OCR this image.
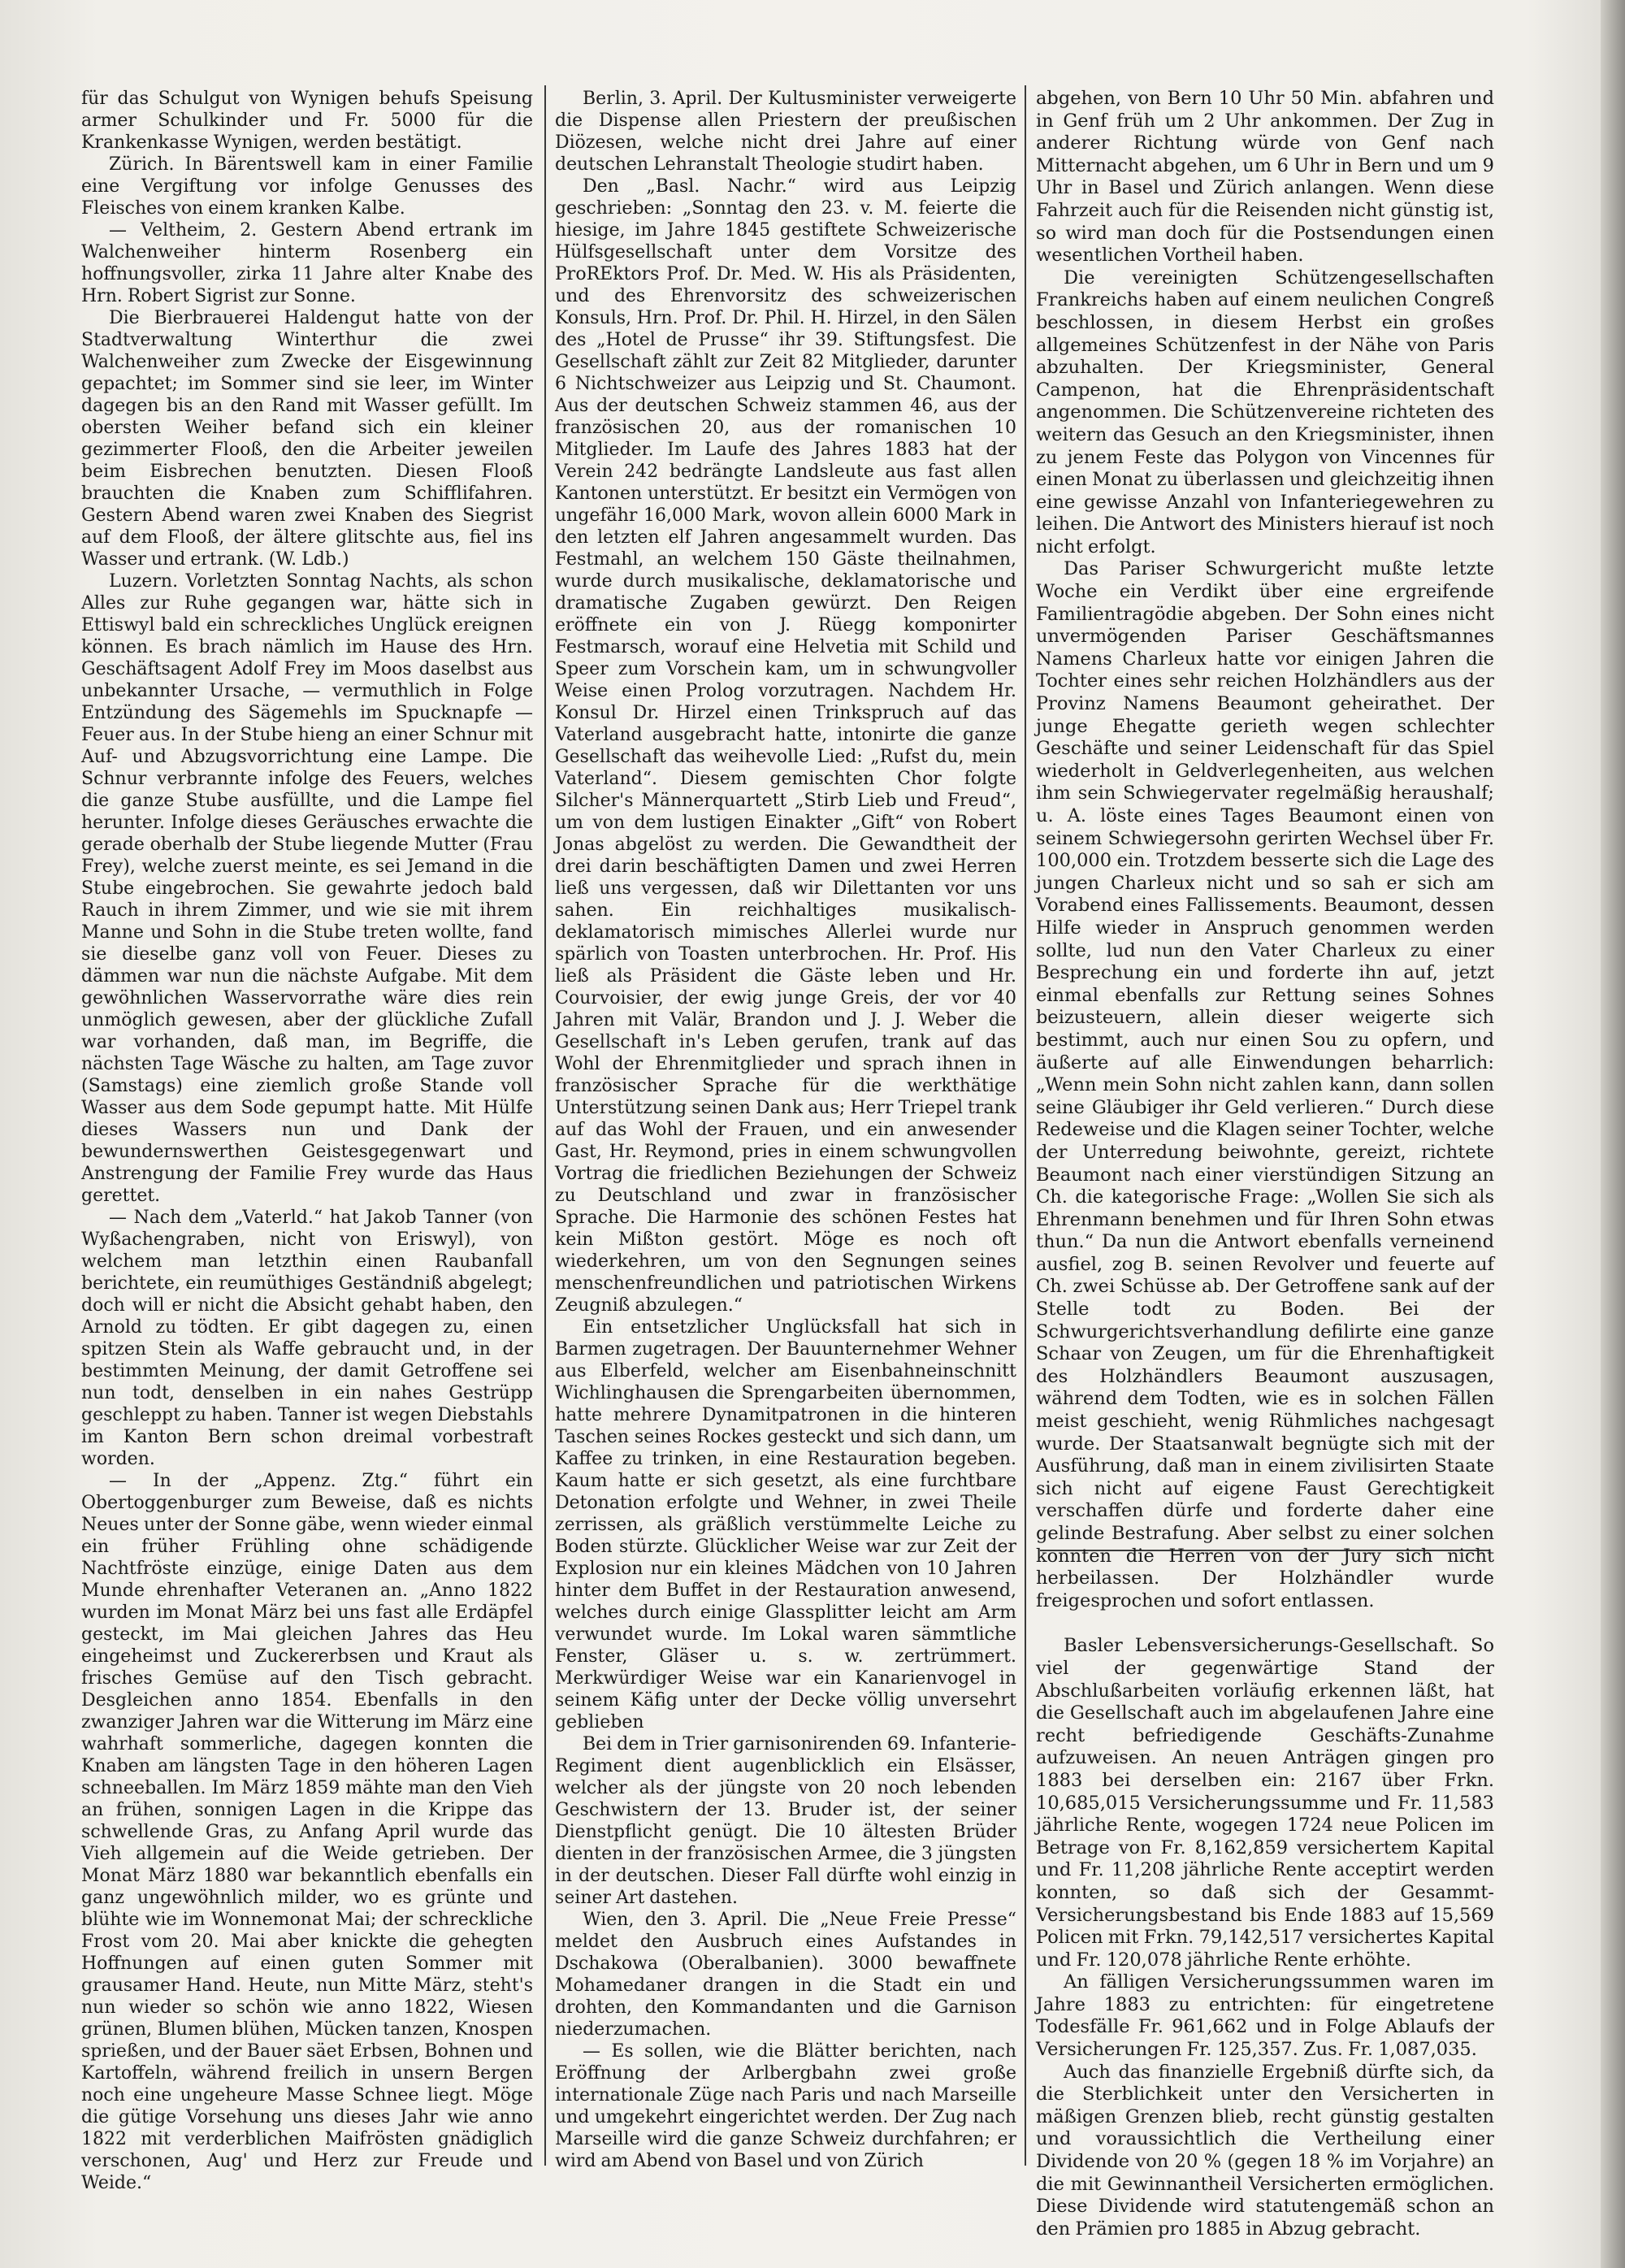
für das Schulgut von Wynigen behufs Speisung armer Schulkinder und Fr. 5000 für die Krankenkasse Wynigen, werden bestätigt.

Zürich. In Bärentswell kam in einer Familie eine Vergiftung vor infolge Genusses des Fleisches von einem kranken Kalbe.

— Veltheim, 2. Gestern Abend ertrank im Walchenweiher hinterm Rosenberg ein hoffnungsvoller, zirka 11 Jahre alter Knabe des Hrn. Robert Sigrist zur Sonne.

Die Bierbrauerei Haldengut hatte von der Stadtverwaltung Winterthur die zwei Walchenweiher zum Zwecke der Eisgewinnung gepachtet; im Sommer sind sie leer, im Winter dagegen bis an den Rand mit Wasser gefüllt. Im obersten Weiher befand sich ein kleiner gezimmerter Flooß, den die Arbeiter jeweilen beim Eisbrechen benutzten. Diesen Flooß brauchten die Knaben zum Schifflifahren. Gestern Abend waren zwei Knaben des Siegrist auf dem Flooß, der ältere glitschte aus, fiel ins Wasser und ertrank. (W. Ldb.)

Luzern. Vorletzten Sonntag Nachts, als schon Alles zur Ruhe gegangen war, hätte sich in Ettiswyl bald ein schreckliches Unglück ereignen können. Es brach nämlich im Hause des Hrn. Geschäftsagent Adolf Frey im Moos daselbst aus unbekannter Ursache, — vermuthlich in Folge Entzündung des Sägemehls im Spucknapfe — Feuer aus. In der Stube hieng an einer Schnur mit Auf- und Abzugsvorrichtung eine Lampe. Die Schnur verbrannte infolge des Feuers, welches die ganze Stube ausfüllte, und die Lampe fiel herunter. Infolge dieses Geräusches erwachte die gerade oberhalb der Stube liegende Mutter (Frau Frey), welche zuerst meinte, es sei Jemand in die Stube eingebrochen. Sie gewahrte jedoch bald Rauch in ihrem Zimmer, und wie sie mit ihrem Manne und Sohn in die Stube treten wollte, fand sie dieselbe ganz voll von Feuer. Dieses zu dämmen war nun die nächste Aufgabe. Mit dem gewöhnlichen Wasservorrathe wäre dies rein unmöglich gewesen, aber der glückliche Zufall war vorhanden, daß man, im Begriffe, die nächsten Tage Wäsche zu halten, am Tage zuvor (Samstags) eine ziemlich große Stande voll Wasser aus dem Sode gepumpt hatte. Mit Hülfe dieses Wassers nun und Dank der bewundernswerthen Geistesgegenwart und Anstrengung der Familie Frey wurde das Haus gerettet.

— Nach dem „Vaterld.“ hat Jakob Tanner (von Wyßachengraben, nicht von Eriswyl), von welchem man letzthin einen Raubanfall berichtete, ein reumüthiges Geständniß abgelegt; doch will er nicht die Absicht gehabt haben, den Arnold zu tödten. Er gibt dagegen zu, einen spitzen Stein als Waffe gebraucht und, in der bestimmten Meinung, der damit Getroffene sei nun todt, denselben in ein nahes Gestrüpp geschleppt zu haben. Tanner ist wegen Diebstahls im Kanton Bern schon dreimal vorbestraft worden.

— In der „Appenz. Ztg.“ führt ein Obertoggenburger zum Beweise, daß es nichts Neues unter der Sonne gäbe, wenn wieder einmal ein früher Frühling ohne schädigende Nachtfröste einzüge, einige Daten aus dem Munde ehrenhafter Veteranen an. „Anno 1822 wurden im Monat März bei uns fast alle Erdäpfel gesteckt, im Mai gleichen Jahres das Heu eingeheimst und Zuckererbsen und Kraut als frisches Gemüse auf den Tisch gebracht. Desgleichen anno 1854. Ebenfalls in den zwanziger Jahren war die Witterung im März eine wahrhaft sommerliche, dagegen konnten die Knaben am längsten Tage in den höheren Lagen schneeballen. Im März 1859 mähte man den Vieh an frühen, sonnigen Lagen in die Krippe das schwellende Gras, zu Anfang April wurde das Vieh allgemein auf die Weide getrieben. Der Monat März 1880 war bekanntlich ebenfalls ein ganz ungewöhnlich milder, wo es grünte und blühte wie im Wonnemonat Mai; der schreckliche Frost vom 20. Mai aber knickte die gehegten Hoffnungen auf einen guten Sommer mit grausamer Hand. Heute, nun Mitte März, steht's nun wieder so schön wie anno 1822, Wiesen grünen, Blumen blühen, Mücken tanzen, Knospen sprießen, und der Bauer säet Erbsen, Bohnen und Kartoffeln, während freilich in unsern Bergen noch eine ungeheure Masse Schnee liegt. Möge die gütige Vorsehung uns dieses Jahr wie anno 1822 mit verderblichen Maifrösten gnädiglich verschonen, Aug' und Herz zur Freude und Weide.“

Berlin, 3. April. Der Kultusminister verweigerte die Dispense allen Priestern der preußischen Diözesen, welche nicht drei Jahre auf einer deutschen Lehranstalt Theologie studirt haben.

Den „Basl. Nachr.“ wird aus Leipzig geschrieben: „Sonntag den 23. v. M. feierte die hiesige, im Jahre 1845 gestiftete Schweizerische Hülfsgesellschaft unter dem Vorsitze des ProREktors Prof. Dr. Med. W. His als Präsidenten, und des Ehrenvorsitz des schweizerischen Konsuls, Hrn. Prof. Dr. Phil. H. Hirzel, in den Sälen des „Hotel de Prusse“ ihr 39. Stiftungsfest. Die Gesellschaft zählt zur Zeit 82 Mitglieder, darunter 6 Nichtschweizer aus Leipzig und St. Chaumont. Aus der deutschen Schweiz stammen 46, aus der französischen 20, aus der romanischen 10 Mitglieder. Im Laufe des Jahres 1883 hat der Verein 242 bedrängte Landsleute aus fast allen Kantonen unterstützt. Er besitzt ein Vermögen von ungefähr 16,000 Mark, wovon allein 6000 Mark in den letzten elf Jahren angesammelt wurden. Das Festmahl, an welchem 150 Gäste theilnahmen, wurde durch musikalische, deklamatorische und dramatische Zugaben gewürzt. Den Reigen eröffnete ein von J. Rüegg komponirter Festmarsch, worauf eine Helvetia mit Schild und Speer zum Vorschein kam, um in schwungvoller Weise einen Prolog vorzutragen. Nachdem Hr. Konsul Dr. Hirzel einen Trinkspruch auf das Vaterland ausgebracht hatte, intonirte die ganze Gesellschaft das weihevolle Lied: „Rufst du, mein Vaterland“. Diesem gemischten Chor folgte Silcher's Männerquartett „Stirb Lieb und Freud“, um von dem lustigen Einakter „Gift“ von Robert Jonas abgelöst zu werden. Die Gewandtheit der drei darin beschäftigten Damen und zwei Herren ließ uns vergessen, daß wir Dilettanten vor uns sahen. Ein reichhaltiges musikalisch-deklamatorisch mimisches Allerlei wurde nur spärlich von Toasten unterbrochen. Hr. Prof. His ließ als Präsident die Gäste leben und Hr. Courvoisier, der ewig junge Greis, der vor 40 Jahren mit Valär, Brandon und J. J. Weber die Gesellschaft in's Leben gerufen, trank auf das Wohl der Ehrenmitglieder und sprach ihnen in französischer Sprache für die werkthätige Unterstützung seinen Dank aus; Herr Triepel trank auf das Wohl der Frauen, und ein anwesender Gast, Hr. Reymond, pries in einem schwungvollen Vortrag die friedlichen Beziehungen der Schweiz zu Deutschland und zwar in französischer Sprache. Die Harmonie des schönen Festes hat kein Mißton gestört. Möge es noch oft wiederkehren, um von den Segnungen seines menschenfreundlichen und patriotischen Wirkens Zeugniß abzulegen.“

Ein entsetzlicher Unglücksfall hat sich in Barmen zugetragen. Der Bauunternehmer Wehner aus Elberfeld, welcher am Eisenbahneinschnitt Wichlinghausen die Sprengarbeiten übernommen, hatte mehrere Dynamitpatronen in die hinteren Taschen seines Rockes gesteckt und sich dann, um Kaffee zu trinken, in eine Restauration begeben. Kaum hatte er sich gesetzt, als eine furchtbare Detonation erfolgte und Wehner, in zwei Theile zerrissen, als gräßlich verstümmelte Leiche zu Boden stürzte. Glücklicher Weise war zur Zeit der Explosion nur ein kleines Mädchen von 10 Jahren hinter dem Buffet in der Restauration anwesend, welches durch einige Glassplitter leicht am Arm verwundet wurde. Im Lokal waren sämmtliche Fenster, Gläser u. s. w. zertrümmert. Merkwürdiger Weise war ein Kanarienvogel in seinem Käfig unter der Decke völlig unversehrt geblieben

Bei dem in Trier garnisonirenden 69. Infanterie-Regiment dient augenblicklich ein Elsässer, welcher als der jüngste von 20 noch lebenden Geschwistern der 13. Bruder ist, der seiner Dienstpflicht genügt. Die 10 ältesten Brüder dienten in der französischen Armee, die 3 jüngsten in der deutschen. Dieser Fall dürfte wohl einzig in seiner Art dastehen.

Wien, den 3. April. Die „Neue Freie Presse“ meldet den Ausbruch eines Aufstandes in Dschakowa (Oberalbanien). 3000 bewaffnete Mohamedaner drangen in die Stadt ein und drohten, den Kommandanten und die Garnison niederzumachen.

— Es sollen, wie die Blätter berichten, nach Eröffnung der Arlbergbahn zwei große internationale Züge nach Paris und nach Marseille und umgekehrt eingerichtet werden. Der Zug nach Marseille wird die ganze Schweiz durchfahren; er wird am Abend von Basel und von Zürich

abgehen, von Bern 10 Uhr 50 Min. abfahren und in Genf früh um 2 Uhr ankommen. Der Zug in anderer Richtung würde von Genf nach Mitternacht abgehen, um 6 Uhr in Bern und um 9 Uhr in Basel und Zürich anlangen. Wenn diese Fahrzeit auch für die Reisenden nicht günstig ist, so wird man doch für die Postsendungen einen wesentlichen Vortheil haben.

Die vereinigten Schützengesellschaften Frankreichs haben auf einem neulichen Congreß beschlossen, in diesem Herbst ein großes allgemeines Schützenfest in der Nähe von Paris abzuhalten. Der Kriegsminister, General Campenon, hat die Ehrenpräsidentschaft angenommen. Die Schützenvereine richteten des weitern das Gesuch an den Kriegsminister, ihnen zu jenem Feste das Polygon von Vincennes für einen Monat zu überlassen und gleichzeitig ihnen eine gewisse Anzahl von Infanteriegewehren zu leihen. Die Antwort des Ministers hierauf ist noch nicht erfolgt.

Das Pariser Schwurgericht mußte letzte Woche ein Verdikt über eine ergreifende Familientragödie abgeben. Der Sohn eines nicht unvermögenden Pariser Geschäftsmannes Namens Charleux hatte vor einigen Jahren die Tochter eines sehr reichen Holzhändlers aus der Provinz Namens Beaumont geheirathet. Der junge Ehegatte gerieth wegen schlechter Geschäfte und seiner Leidenschaft für das Spiel wiederholt in Geldverlegenheiten, aus welchen ihm sein Schwiegervater regelmäßig heraushalf; u. A. löste eines Tages Beaumont einen von seinem Schwiegersohn gerirten Wechsel über Fr. 100,000 ein. Trotzdem besserte sich die Lage des jungen Charleux nicht und so sah er sich am Vorabend eines Fallissements. Beaumont, dessen Hilfe wieder in Anspruch genommen werden sollte, lud nun den Vater Charleux zu einer Besprechung ein und forderte ihn auf, jetzt einmal ebenfalls zur Rettung seines Sohnes beizusteuern, allein dieser weigerte sich bestimmt, auch nur einen Sou zu opfern, und äußerte auf alle Einwendungen beharrlich: „Wenn mein Sohn nicht zahlen kann, dann sollen seine Gläubiger ihr Geld verlieren.“ Durch diese Redeweise und die Klagen seiner Tochter, welche der Unterredung beiwohnte, gereizt, richtete Beaumont nach einer vierstündigen Sitzung an Ch. die kategorische Frage: „Wollen Sie sich als Ehrenmann benehmen und für Ihren Sohn etwas thun.“ Da nun die Antwort ebenfalls verneinend ausfiel, zog B. seinen Revolver und feuerte auf Ch. zwei Schüsse ab. Der Getroffene sank auf der Stelle todt zu Boden. Bei der Schwurgerichtsverhandlung defilirte eine ganze Schaar von Zeugen, um für die Ehrenhaftigkeit des Holzhändlers Beaumont auszusagen, während dem Todten, wie es in solchen Fällen meist geschieht, wenig Rühmliches nachgesagt wurde. Der Staatsanwalt begnügte sich mit der Ausführung, daß man in einem zivilisirten Staate sich nicht auf eigene Faust Gerechtigkeit verschaffen dürfe und forderte daher eine gelinde Bestrafung. Aber selbst zu einer solchen konnten die Herren von der Jury sich nicht herbeilassen. Der Holzhändler wurde freigesprochen und sofort entlassen.

Basler Lebensversicherungs-Gesellschaft. So viel der gegenwärtige Stand der Abschlußarbeiten vorläufig erkennen läßt, hat die Gesellschaft auch im abgelaufenen Jahre eine recht befriedigende Geschäfts-Zunahme aufzuweisen. An neuen Anträgen gingen pro 1883 bei derselben ein: 2167 über Frkn. 10,685,015 Versicherungssumme und Fr. 11,583 jährliche Rente, wogegen 1724 neue Policen im Betrage von Fr. 8,162,859 versichertem Kapital und Fr. 11,208 jährliche Rente acceptirt werden konnten, so daß sich der Gesammt-Versicherungsbestand bis Ende 1883 auf 15,569 Policen mit Frkn. 79,142,517 versichertes Kapital und Fr. 120,078 jährliche Rente erhöhte.

An fälligen Versicherungssummen waren im Jahre 1883 zu entrichten: für eingetretene Todesfälle Fr. 961,662 und in Folge Ablaufs der Versicherungen Fr. 125,357. Zus. Fr. 1,087,035.

Auch das finanzielle Ergebniß dürfte sich, da die Sterblichkeit unter den Versicherten in mäßigen Grenzen blieb, recht günstig gestalten und voraussichtlich die Vertheilung einer Dividende von 20 % (gegen 18 % im Vorjahre) an die mit Gewinnantheil Versicherten ermöglichen. Diese Dividende wird statutengemäß schon an den Prämien pro 1885 in Abzug gebracht.
